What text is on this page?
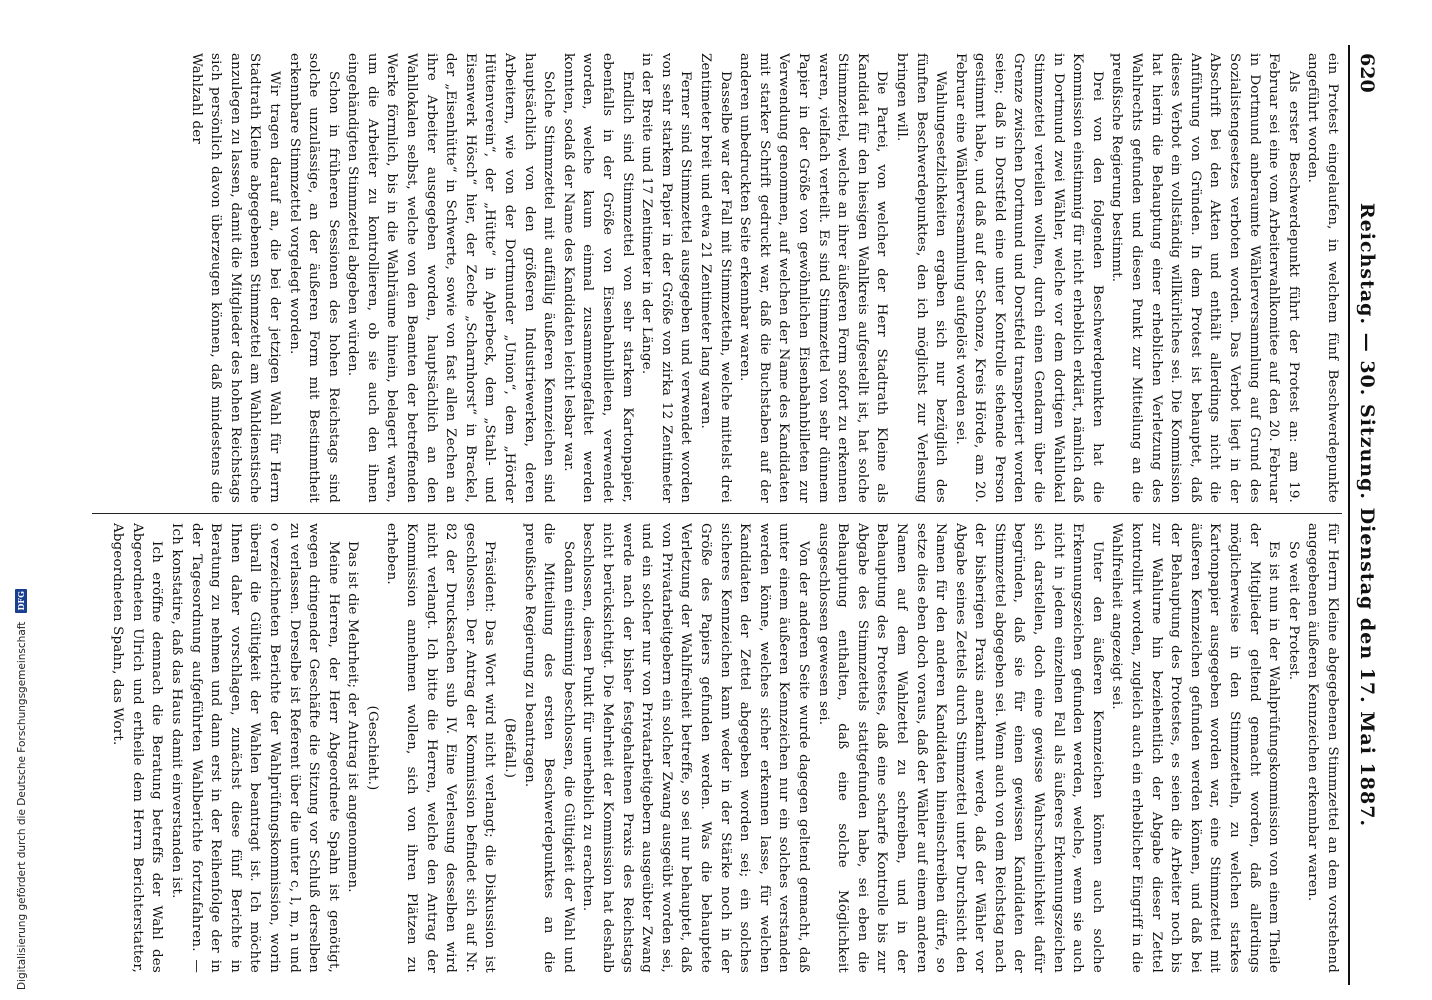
620
Reichstag. — 30. Sitzung. Dienstag den 17. Mai 1887.

ein Protest eingelaufen, in welchem fünf Beschwerdepunkte angeführt worden.

Als erster Beschwerdepunkt führt der Protest an: am 19. Februar sei eine vom Arbeiterwahlkomitee auf den 20. Februar in Dortmund anberaumte Wählerversammlung auf Grund des Sozialistengesetzes verboten worden. Das Verbot liegt in der Abschrift bei den Akten und enthält allerdings nicht die Anführung von Gründen. In dem Protest ist behauptet, daß dieses Verbot ein vollständig willkürliches sei. Die Kommission hat hierin die Behauptung einer erheblichen Verletzung des Wahlrechts gefunden und diesen Punkt zur Mitteilung an die preußische Regierung bestimmt.

Drei von den folgenden Beschwerdepunkten hat die Kommission einstimmig für nicht erheblich erklärt, nämlich daß in Dortmund zwei Wähler, welche vor dem dortigen Wahllokal Stimmzettel verteilen wollten, durch einen Gendarm über die Grenze zwischen Dortmund und Dorstfeld transportiert worden seien; daß in Dorstfeld eine unter Kontrolle stehende Person gestimmt habe, und daß auf der Schonze, Kreis Hörde, am 20. Februar eine Wählerversammlung aufgelöst worden sei.

Wahlungesetzlichkeiten ergaben sich nur bezüglich des fünften Beschwerdepunktes, den ich möglichst zur Verlesung bringen will.

Die Partei, von welcher der Herr Stadtrath Kleine als Kandidat für den hiesigen Wahlkreis aufgestellt ist, hat solche Stimmzettel, welche an ihrer äußeren Form sofort zu erkennen waren, vielfach verteilt. Es sind Stimmzettel von sehr dünnem Papier in der Größe von gewöhnlichen Eisenbahnbilleten zur Verwendung genommen, auf welchen der Name des Kandidaten mit starker Schrift gedruckt war, daß die Buchstaben auf der anderen unbedruckten Seite erkennbar waren.

Dasselbe war der Fall mit Stimmzetteln, welche mittelst drei Zentimeter breit und etwa 21 Zentimeter lang waren.

Ferner sind Stimmzettel ausgegeben und verwendet worden von sehr starkem Papier in der Größe von zirka 12 Zentimeter in der Breite und 17 Zentimeter in der Länge.

Endlich sind Stimmzettel von sehr starkem Kartonpapier, ebenfalls in der Größe von Eisenbahnbilleten, verwendet worden, welche kaum einmal zusammengefaltet werden konnten, sodaß der Name des Kandidaten leicht lesbar war.

Solche Stimmzettel mit auffällig äußeren Kennzeichen sind hauptsächlich von den größeren Industriewerken, deren Arbeitern, wie von der Dortmunder „Union“, dem „Hörder Hüttenverein“, der „Hütte“ in Aplerbeck, dem „Stahl- und Eisenwerk Hösch“ hier, der Zeche „Scharnhorst“ in Brackel, der „Eisenhütte“ in Schwerte, sowie von fast allen Zechen an ihre Arbeiter ausgegeben worden, hauptsächlich an den Wahllokalen selbst, welche von den Beamten der betreffenden Werke förmlich, bis in die Wahlräume hinein, belagert waren, um die Arbeiter zu kontrollieren, ob sie auch den ihnen eingehändigten Stimmzettel abgeben würden.

Schon in früheren Sessionen des hohen Reichstags sind solche unzulässige, an der äußeren Form mit Bestimmtheit erkennbare Stimmzettel vorgelegt worden.

Wir tragen darauf an, die bei der jetzigen Wahl für Herrn Stadtrath Kleine abgegebenen Stimmzettel am Wahldienstische anzulegen zu lassen, damit die Mitglieder des hohen Reichstags sich persönlich davon überzeugen können, daß mindestens die Wahlzahl der

für Herrn Kleine abgegebenen Stimmzettel an dem vorstehend angegebenen äußeren Kennzeichen erkennbar waren.

So weit der Protest.

Es ist nun in der Wahlprüfungskommission von einem Theile der Mitglieder geltend gemacht worden, daß allerdings möglicherweise in den Stimmzetteln, zu welchen starkes Kartonpapier ausgegeben worden war, eine Stimmzettel mit äußeren Kennzeichen gefunden werden können, und daß bei der Behauptung des Protestes, es seien die Arbeiter noch bis zur Wahlurne hin beziehentlich der Abgabe dieser Zettel kontrollirt worden, zugleich auch ein erheblicher Eingriff in die Wahlfreiheit angezeigt sei.

Unter den äußeren Kennzeichen können auch solche Erkennungszeichen gefunden werden, welche, wenn sie auch nicht in jedem einzelnen Fall als äußeres Erkennungszeichen sich darstellen, doch eine gewisse Wahrscheinlichkeit dafür begründen, daß sie für einen gewissen Kandidaten der Stimmzettel abgegeben sei. Wenn auch von dem Reichstag nach der bisherigen Praxis anerkannt werde, daß der Wähler vor Abgabe seines Zettels durch Stimmzettel unter Durchsicht den Namen für den anderen Kandidaten hineinschreiben dürfe, so setze dies eben doch voraus, daß der Wähler auf einem anderen Namen auf dem Wahlzettel zu schreiben, und in der Behauptung des Protestes, daß eine scharfe Kontrolle bis zur Abgabe des Stimmzettels stattgefunden habe, sei eben die Behauptung enthalten, daß eine solche Möglichkeit ausgeschlossen gewesen sei.

Von der anderen Seite wurde dagegen geltend gemacht, daß unter einem äußeren Kennzeichen nur ein solches verstanden werden könne, welches sicher erkennen lasse, für welchen Kandidaten der Zettel abgegeben worden sei; ein solches sicheres Kennzeichen kann weder in der Stärke noch in der Größe des Papiers gefunden werden. Was die behauptete Verletzung der Wahlfreiheit betreffe, so sei nur behauptet, daß von Privatarbeitgebern ein solcher Zwang ausgeübt worden sei, und ein solcher nur von Privatarbeitgebern ausgeübter Zwang werde nach der bisher festgehaltenen Praxis des Reichstags nicht berücksichtigt. Die Mehrheit der Kommission hat deshalb beschlossen, diesen Punkt für unerheblich zu erachten.

Sodann einstimmig beschlossen, die Gültigkeit der Wahl und die Mitteilung des ersten Beschwerdepunktes an die preußische Regierung zu beantragen.

(Beifall.)

Präsident: Das Wort wird nicht verlangt; die Diskussion ist geschlossen. Der Antrag der Kommission befindet sich auf Nr. 82 der Drucksachen sub IV. Eine Verlesung desselben wird nicht verlangt. Ich bitte die Herren, welche den Antrag der Kommission annehmen wollen, sich von ihren Plätzen zu erheben.

(Geschieht.)

Das ist die Mehrheit; der Antrag ist angenommen.

Meine Herren, der Herr Abgeordnete Spahn ist genötigt, wegen dringender Geschäfte die Sitzung vor Schluß derselben zu verlassen. Derselbe ist Referent über die unter c, l, m, n und o verzeichneten Berichte der Wahlprüfungskommission, worin überall die Gültigkeit der Wahlen beantragt ist. Ich möchte Ihnen daher vorschlagen, zunächst diese fünf Berichte in Beratung zu nehmen und dann erst in der Reihenfolge der in der Tagesordnung aufgeführten Wahlberichte fortzufahren. — Ich konstatire, daß das Haus damit einverstanden ist.

Ich eröffne demnach die Beratung betreffs der Wahl des Abgeordneten Ulrich und ertheile dem Herrn Berichterstatter, Abgeordneten Spahn, das Wort.

Digitalisierung gefördert durch die Deutsche Forschungsgemeinschaft DFG
